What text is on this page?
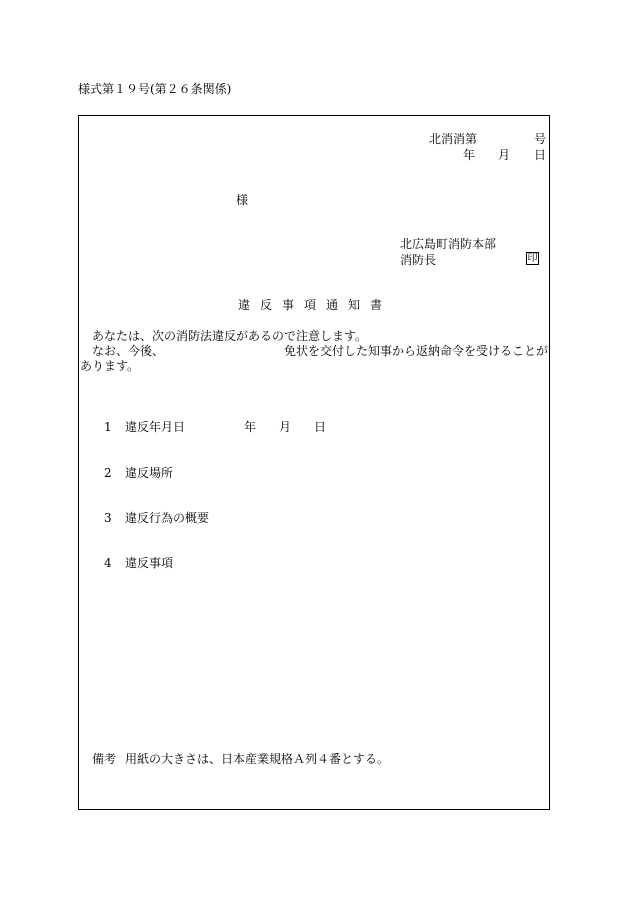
様式第１９号(第２６条関係)
北消消第	号
年 月 日
様
北広島町消防本部
消防長	印
違反事項通知書
あなたは、次の消防法違反があるので注意します。
なお、今後、	免状を交付した知事から返納命令を受けることが
あります。
1 違反年月日	年 月 日
2 違反場所
3 違反行為の概要
4 違反事項
備考 用紙の大きさは、日本産業規格Ａ列４番とする。
